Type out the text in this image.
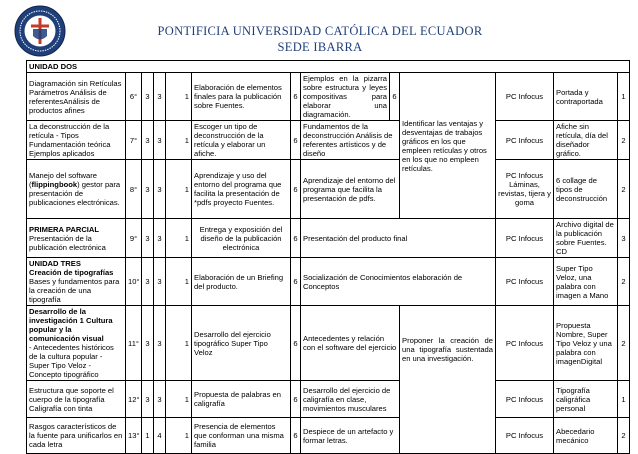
PONTIFICIA UNIVERSIDAD CATÓLICA DEL ECUADOR
SEDE IBARRA
UNIDAD DOS												
Diagramación sin Retículas Parámetros Análisis de referentesAnálisis de productos afines	6°	3	3	1	Elaboración de elementos finales para la publicación sobre Fuentes.	6	Ejemplos en la pizarra sobre estructura y leyes compositivas para elaborar una diagramación.	6	Identificar las ventajas y desventajas de trabajos gráficos en los que empleen retículas y otros en los que no empleen retículas.	PC Infocus	Portada y contraportada	1
La deconstrucción de la retícula - Tipos Fundamentación teórica Ejemplos aplicados	7°	3	3	1	Escoger un tipo de deconstrucción de la retícula y elaborar un afiche.	6	Fundamentos de la deconstrucción Análisis de referentes artísticos y de diseño			PC Infocus	Afiche sin retícula, día del diseñador gráfico.	2
Manejo del software (flippingbook) gestor para presentación de publicaciones electrónicas.	8°	3	3	1	Aprendizaje y uso del entorno del programa que facilita la presentación de *pdfs proyecto Fuentes.	6	Aprendizaje del entorno del programa que facilita la presentación de pdfs.			PC Infocus Láminas, revistas, tijera y goma	6 collage de tipos de deconstrucción	2

PRIMERA PARCIAL
Presentación de la publicación electrónica	9°	3	3	1	Entrega y exposición del diseño de la publicación electrónica	6	Presentación del producto final			PC Infocus	Archivo digital de la publicación sobre Fuentes. CD	3

UNIDAD TRES
Creación de tipografías
Bases y fundamentos para la creación de una tipografía	10°	3	3	1	Elaboración de un Briefing del producto.	6	Socialización de Conocimientos elaboración de Conceptos			PC Infocus	Super Tipo Veloz, una palabra con imagen a Mano	2

Desarrollo de la investigación 1 Cultura popular y la comunicación visual
- Antecedentes históricos de la cultura popular - Super Tipo Veloz - Concepto tipográfico	11°	3	3	1	Desarrollo del ejercicio tipográfico Super Tipo Veloz	6	Antecedentes y relación con el software del ejercicio		Proponer la creación de una tipografía sustentada en una investigación.	PC Infocus	Propuesta Nombre, Super Tipo Veloz y una palabra con imagenDigital	2
Estructura que soporte el cuerpo de la tipografía Caligrafía con tinta	12°	3	3	1	Propuesta de palabras en caligrafía	6	Desarrollo del ejercicio de caligrafía en clase, movimientos musculares			PC Infocus	Tipografía caligráfica personal	1
Rasgos característicos de la fuente para unificarlos en cada letra	13°	1	4	1	Presencia de elementos que conforman una misma familia	6	Despiece de un artefacto y formar letras.			PC Infocus	Abecedario mecánico	2
